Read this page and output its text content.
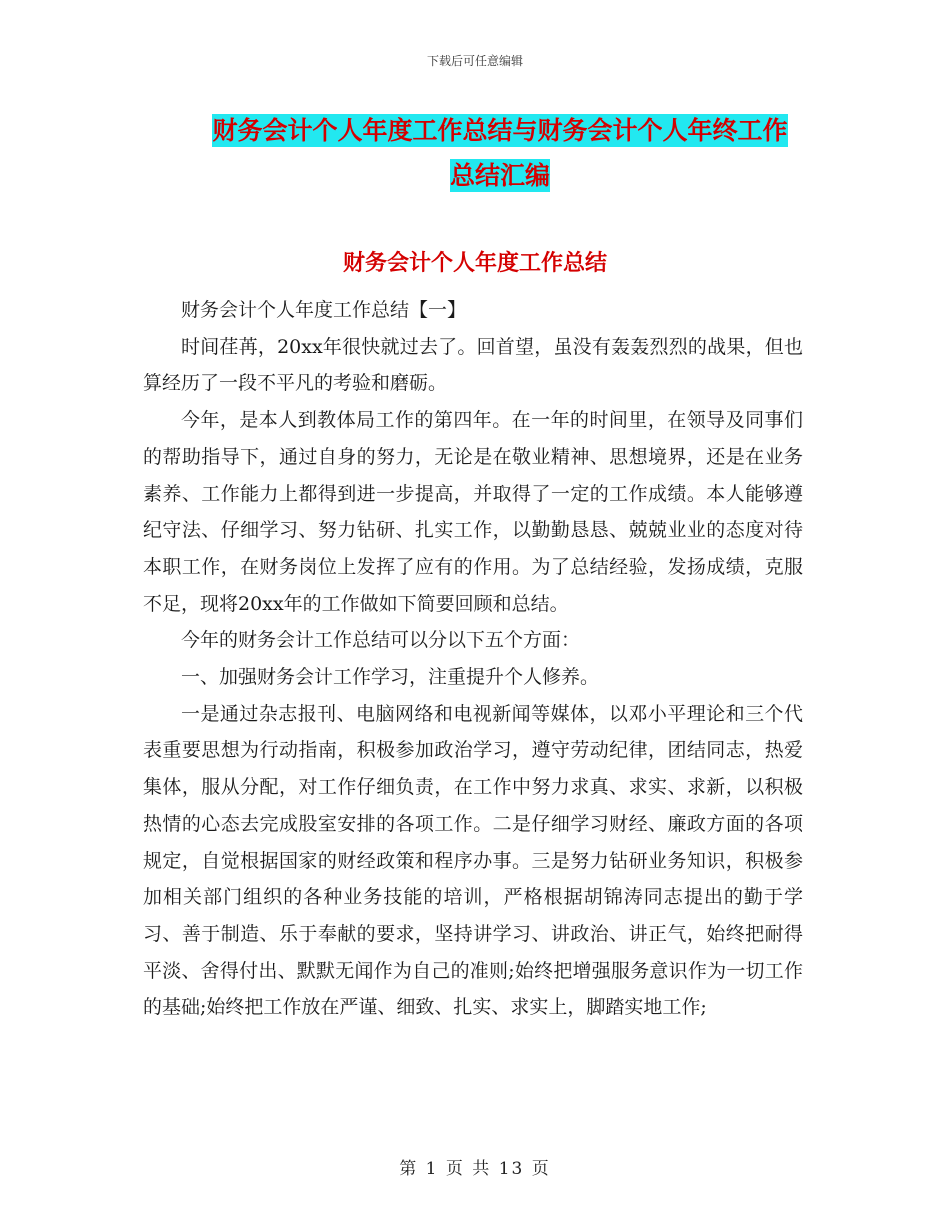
下载后可任意编辑
财务会计个人年度工作总结与财务会计个人年终工作
总结汇编
财务会计个人年度工作总结

财务会计个人年度工作总结【一】

时间荏苒，20xx年很快就过去了。回首望，虽没有轰轰烈烈的战果，但也算经历了一段不平凡的考验和磨砺。

今年，是本人到教体局工作的第四年。在一年的时间里，在领导及同事们的帮助指导下，通过自身的努力，无论是在敬业精神、思想境界，还是在业务素养、工作能力上都得到进一步提高，并取得了一定的工作成绩。本人能够遵纪守法、仔细学习、努力钻研、扎实工作，以勤勤恳恳、兢兢业业的态度对待本职工作，在财务岗位上发挥了应有的作用。为了总结经验，发扬成绩，克服不足，现将20xx年的工作做如下简要回顾和总结。

今年的财务会计工作总结可以分以下五个方面：

一、加强财务会计工作学习，注重提升个人修养。

一是通过杂志报刊、电脑网络和电视新闻等媒体，以邓小平理论和三个代表重要思想为行动指南，积极参加政治学习，遵守劳动纪律，团结同志，热爱集体，服从分配，对工作仔细负责，在工作中努力求真、求实、求新，以积极热情的心态去完成股室安排的各项工作。二是仔细学习财经、廉政方面的各项规定，自觉根据国家的财经政策和程序办事。三是努力钻研业务知识，积极参加相关部门组织的各种业务技能的培训，严格根据胡锦涛同志提出的勤于学习、善于制造、乐于奉献的要求，坚持讲学习、讲政治、讲正气，始终把耐得平淡、舍得付出、默默无闻作为自己的准则;始终把增强服务意识作为一切工作的基础;始终把工作放在严谨、细致、扎实、求实上，脚踏实地工作;

第 1 页 共 13 页
